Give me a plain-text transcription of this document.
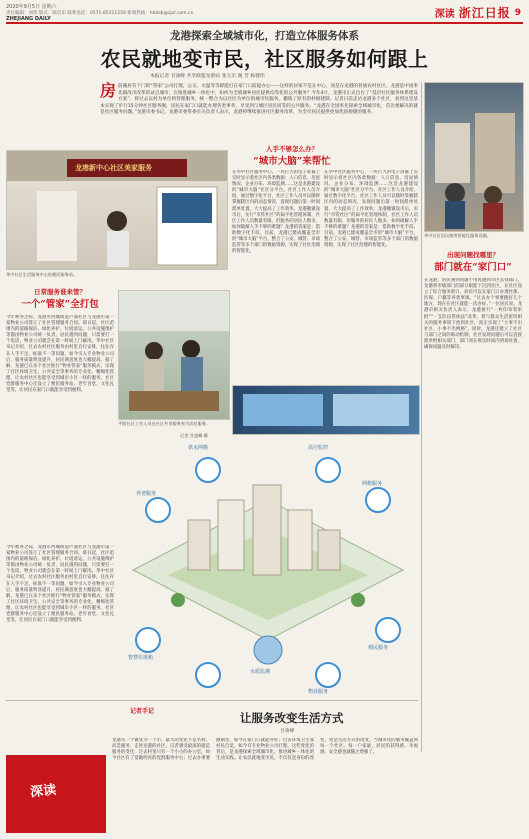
2020年9月5日 星期六
责任编辑：刘伟 版式：陈启东 联系电话：0571-85311259 新闻热线：hbdsb@zjol.com.cn
ZHEJIANG DAILY	深读 浙江日报 9
龙港探索全域城市化，打造立体服务体系
农民就地变市民，社区服务如何跟上
本报记者 甘凌峰 共享联盟龙港站 张玉宏 谢 芳 杨德伟
房 前溪居有个门的“管家”公司打理，公交、水温等等即能打在家门口前提办公——这样的居家不是在中心，而是在龙港的普通农村社区。龙港是中国率先镇改市改革的试点城市，在推进城乡一体化中，如何为全镇城乡居民提供均等化的公共服务？今年4月，龙港市正式出台了“基层社区服务体系建设方案”，将过去以村为单位的管理服务，统一整合为以社区为单位的城市化服务，撤销了原有的村级建制。记者日前走访龙港多个社区，看到这里基本实现了步行15分钟社区服务圈，居民在家门口就能办理各类事务，享受到与城区居民同等的公共服务。“龙港在全国率先探索全域城市化，首先要解决的就是社区服务问题。”龙港市委书记、龙港市委常委有关负责人表示，龙港将继续推进社区服务改革，为全市居民提供更加优质便捷的服务。
华中社区居民使用智能化服务设施。
龙港新中心社区美家服务
华中社区生活服务中心的便民服务站。
日常服务谁来管？
一个“管家”全打包
今年秋冬之际，龙港市西城街道芦浦社区与龙港市第一家物业公司签订了社区管理服务合同。即日起，社区范围内的道路保洁、绿化养护、垃圾清运、公共设施维护等都由物业公司统一负责，居民遇到问题，只需要打一个电话，物业公司就会在第一时间上门解决。华中社区书记介绍，过去农村社区服务由村里自行安排，往往存在人手不足、标准不一等问题，如今引入专业物业公司后，服务质量明显提升，居民满意度也大幅提高。据了解，龙港已在多个社区推行“物业管家”服务模式，实现了社区环境卫生、公共安全等事务的专业化、精细化管理，让农村社区也能享受到城市小区一样的服务。社区党群服务中心还设立了便民服务站、老年食堂、文化礼堂等，让居民在家门口就能享受到便利。
今年秋冬之际，龙港市西城街道芦浦社区与龙港市第一家物业公司签订了社区管理服务合同。即日起，社区范围内的道路保洁、绿化养护、垃圾清运、公共设施维护等都由物业公司统一负责，居民遇到问题，只需要打一个电话，物业公司就会在第一时间上门解决。华中社区书记介绍，过去农村社区服务由村里自行安排，往往存在人手不足、标准不一等问题，如今引入专业物业公司后，服务质量明显提升，居民满意度也大幅提高。据了解，龙港已在多个社区推行“物业管家”服务模式，实现了社区环境卫生、公共安全等事务的专业化、精细化管理，让农村社区也能享受到城市小区一样的服务。社区党群服务中心还设立了便民服务站、老年食堂、文化礼堂等，让居民在家门口就能享受到便利。
平阳社区工作人员在社区共享服务室为居民服务。
记者 甘凌峰 摄
人手不够怎么办？
“城市大脑”来帮忙
在华中社区服务中心，一块巨大的电子屏幕上实时显示着社区内各类数据：人口信息、房屋情况、企业分布、环境监测……这是龙港建设的“城市大脑”社区分平台。社区工作人员介绍，通过数字化平台，社区工作人员可以随时掌握辖区内的动态情况，发现问题后第一时间派单处置，大大提高了工作效率。龙港撤镇设市后，实行“市管社区”的扁平化管理体制，社区工作人员数量有限，但服务的居民人数多，如何破解人手不够的难题？龙港的答案是：借助数字化手段。目前，龙港已建成覆盖全市的“城市大脑”平台，整合了公安、城管、市场监管等多个部门的数据资源，实现了社区治理的智能化。
在华中社区服务中心，一块巨大的电子屏幕上实时显示着社区内各类数据：人口信息、房屋情况、企业分布、环境监测……这是龙港建设的“城市大脑”社区分平台。社区工作人员介绍，通过数字化平台，社区工作人员可以随时掌握辖区内的动态情况，发现问题后第一时间派单处置，大大提高了工作效率。龙港撤镇设市后，实行“市管社区”的扁平化管理体制，社区工作人员数量有限，但服务的居民人数多，如何破解人手不够的难题？龙港的答案是：借助数字化手段。目前，龙港已建成覆盖全市的“城市大脑”平台，整合了公安、城管、市场监管等多个部门的数据资源，实现了社区治理的智能化。
出现问题找哪里？
部门就在“家门口”
在龙港，居民遇到问题不用再跑到市区去找部门。龙港将市级部门的部分职能下沉到社区，在社区设立了综合服务窗口，居民可以在家门口办理社保、医保、户籍等各类事项。“过去办个事要跑好几个地方，现在在社区就能一次办好。”一位居民说。龙港市相关负责人表示，龙港推行“一枚印章管审批”“一支队伍管执法”改革，将与群众生活密切相关的服务事项下放到社区，真正实现了“大事不出社区、小事不出网格”。同时，龙港还建立了社区与部门之间的联动机制，社区发现问题后可以直接派单给相关部门，部门须在规定时间内到场处置，确保问题及时解决。
高空监控
供水网格
养老服务
网格服务
智慧垃圾箱
水质监测
便民服务
物业服务
记者手记	让服务改变生活方式
甘凌峰
龙港从一个镇变为一个市，最大的变化不是名称，而是服务。走进龙港的社区，记者感受最深的就是服务的变化：过去村里只有一个小小的办公室，如今社区有了宽敞明亮的党群服务中心；过去办事要跑镇里，如今在家门口就能办好；过去环境卫生靠村民自觉，如今有专业物业公司打理。这些变化的背后，是龙港探索全域城市化、推进城乡一体化的生动实践。让农民就地变市民，不仅仅是身份的改变，更是生活方式的改变。当城市化的服务覆盖到每一个社区、每一户家庭，居民的获得感、幸福感、安全感也就随之增强了。
深读
